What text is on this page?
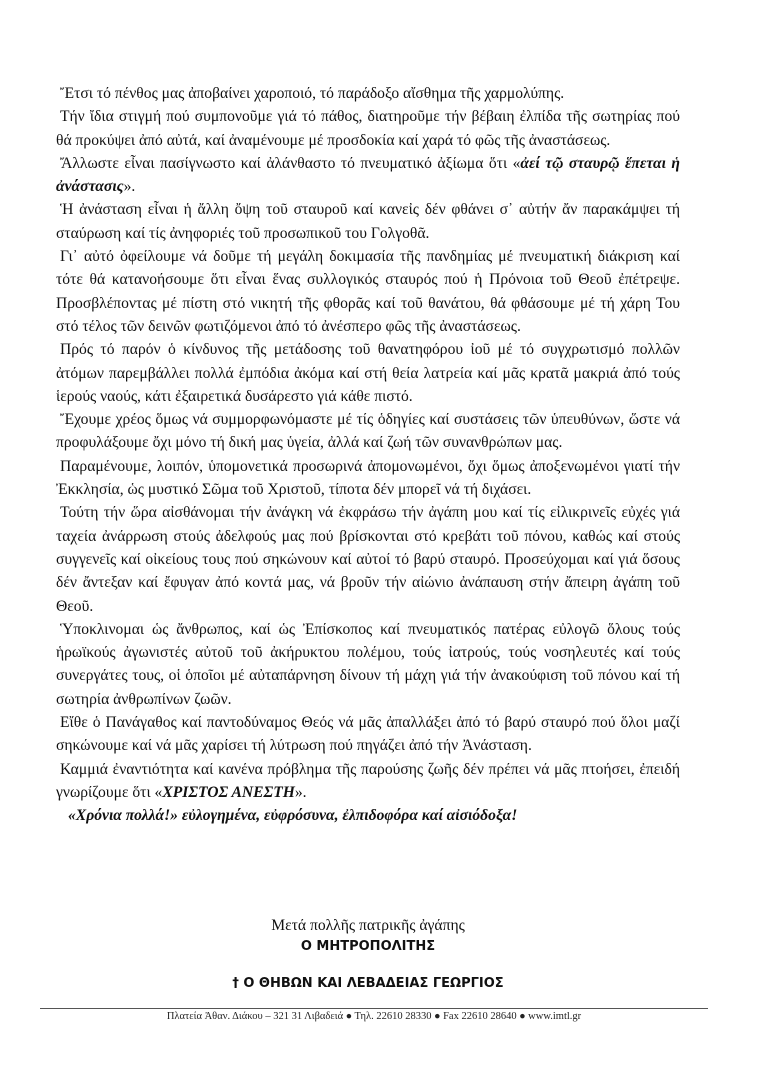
Ἔτσι τό πένθος μας ἀποβαίνει χαροποιό, τό παράδοξο αἴσθημα τῆς χαρμολύπης.

Τήν ἴδια στιγμή πού συμπονοῦμε γιά τό πάθος, διατηροῦμε τήν βέβαιη ἐλπίδα τῆς σωτηρίας πού θά προκύψει ἀπό αὐτά, καί ἀναμένουμε μέ προσδοκία καί χαρά τό φῶς τῆς ἀναστάσεως.

Ἄλλωστε εἶναι πασίγνωστο καί ἀλάνθαστο τό πνευματικό ἀξίωμα ὅτι «ἀεί τῷ σταυρῷ ἕπεται ἡ ἀνάστασις».

Ἡ ἀνάσταση εἶναι ἡ ἄλλη ὄψη τοῦ σταυροῦ καί κανεἰς δέν φθάνει σ᾽ αὐτήν ἄν παρακάμψει τή σταύρωση καί τίς ἀνηφοριές τοῦ προσωπικοῦ του Γολγοθᾶ.

Γι᾽ αὐτό ὀφείλουμε νά δοῦμε τή μεγάλη δοκιμασία τῆς πανδημίας μέ πνευματική διάκριση καί τότε θά κατανοήσουμε ὅτι εἶναι ἕνας συλλογικός σταυρός πού ἡ Πρόνοια τοῦ Θεοῦ ἐπέτρεψε. Προσβλέποντας μέ πίστη στό νικητή τῆς φθορᾶς καί τοῦ θανάτου, θά φθάσουμε μέ τή χάρη Του στό τέλος τῶν δεινῶν φωτιζόμενοι ἀπό τό ἀνέσπερο φῶς τῆς ἀναστάσεως.

Πρός τό παρόν ὁ κίνδυνος τῆς μετάδοσης τοῦ θανατηφόρου ἰοῦ μέ τό συγχρωτισμό πολλῶν ἀτόμων παρεμβάλλει πολλά ἐμπόδια ἀκόμα καί στή θεία λατρεία καί μᾶς κρατᾶ μακριά ἀπό τούς ἱερούς ναούς, κάτι ἐξαιρετικά δυσάρεστο γιά κάθε πιστό.

Ἔχουμε χρέος ὅμως νά συμμορφωνόμαστε μέ τίς ὁδηγίες καί συστάσεις τῶν ὑπευθύνων, ὥστε νά προφυλάξουμε ὄχι μόνο τή δική μας ὑγεία, ἀλλά καί ζωή τῶν συνανθρώπων μας.

Παραμένουμε, λοιπόν, ὑπομονετικά προσωρινά ἀπομονωμένοι, ὄχι ὅμως ἀποξενωμένοι γιατί τήν Ἐκκλησία, ὡς μυστικό Σῶμα τοῦ Χριστοῦ, τίποτα δέν μπορεῖ νά τή διχάσει.

Τούτη τήν ὥρα αἰσθάνομαι τήν ἀνάγκη νά ἐκφράσω τήν ἀγάπη μου καί τίς εἰλικρινεῖς εὐχές γιά ταχεία ἀνάρρωση στούς ἀδελφούς μας πού βρίσκονται στό κρεβάτι τοῦ πόνου, καθώς καί στούς συγγενεῖς καί οἰκείους τους πού σηκώνουν καί αὐτοί τό βαρύ σταυρό. Προσεύχομαι καί γιά ὅσους δέν ἄντεξαν καί ἔφυγαν ἀπό κοντά μας, νά βροῦν τήν αἰώνιο ἀνάπαυση στήν ἄπειρη ἀγάπη τοῦ Θεοῦ.

Ὑποκλινομαι ὡς ἄνθρωπος, καί ὡς Ἐπίσκοπος καί πνευματικός πατέρας εὐλογῶ ὅλους τούς ἡρωϊκούς ἀγωνιστές αὐτοῦ τοῦ ἀκήρυκτου πολέμου, τούς ἰατρούς, τούς νοσηλευτές καί τούς συνεργάτες τους, οἱ ὁποῖοι μέ αὐταπάρνηση δίνουν τή μάχη γιά τήν ἀνακούφιση τοῦ πόνου καί τή σωτηρία ἀνθρωπίνων ζωῶν.

Εἴθε ὁ Πανάγαθος καί παντοδύναμος Θεός νά μᾶς ἀπαλλάξει ἀπό τό βαρύ σταυρό πού ὅλοι μαζί σηκώνουμε καί νά μᾶς χαρίσει τή λύτρωση πού πηγάζει ἀπό τήν Ἀνάσταση.

Καμμιά ἐναντιότητα καί κανένα πρόβλημα τῆς παρούσης ζωῆς δέν πρέπει νά μᾶς πτοήσει, ἐπειδή γνωρίζουμε ὅτι «ΧΡΙΣΤΟΣ ΑΝΕΣΤΗ».

«Χρόνια πολλά!» εὐλογημένα, εὐφρόσυνα, ἐλπιδοφόρα καί αἰσιόδοξα!

Μετά πολλῆς πατρικῆς ἀγάπης
Ο ΜΗΤΡΟΠΟΛΙΤΗΣ
† Ο ΘΗΒΩΝ ΚΑΙ ΛΕΒΑΔΕΙΑΣ ΓΕΩΡΓΙΟΣ
Πλατεία Ἀθαν. Διάκου – 321 31 Λιβαδειά ● Τηλ. 22610 28330 ● Fax 22610 28640 ● www.imtl.gr
